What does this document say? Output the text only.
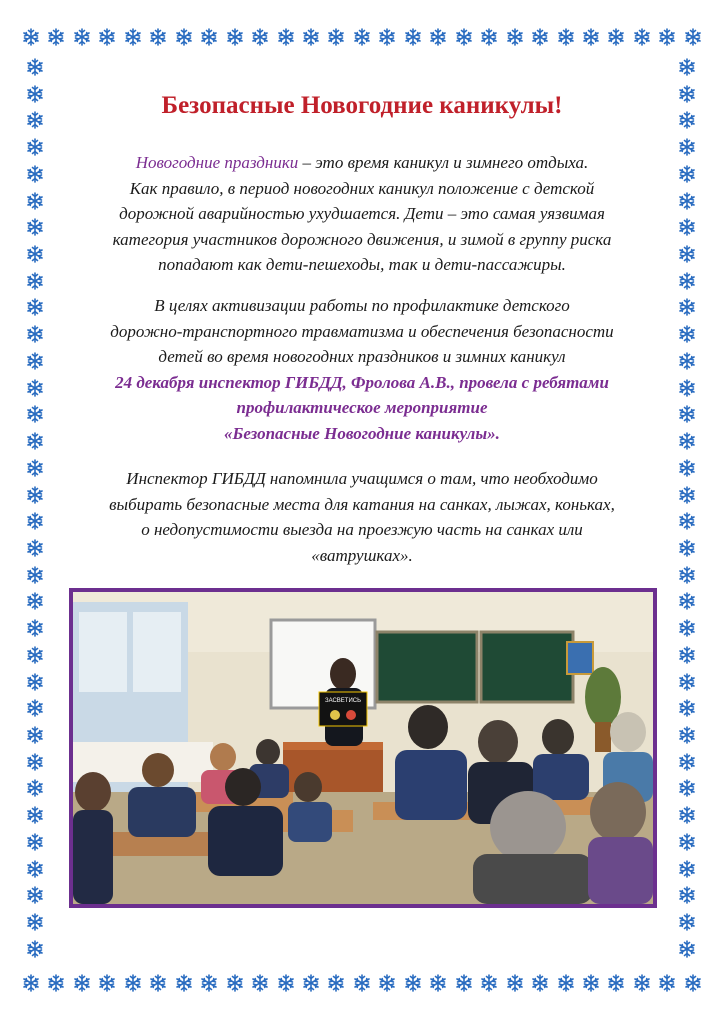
Безопасные Новогодние каникулы!

Новогодние праздники – это время каникул и зимнего отдыха.
Как правило, в период новогодних каникул положение с детской
дорожной аварийностью ухудшается. Дети – это самая уязвимая
категория участников дорожного движения, и зимой в группу риска
попадают как дети-пешеходы, так и дети-пассажиры.

В целях активизации работы по профилактике детского
дорожно-транспортного травматизма и обеспечения безопасности
детей во время новогодних праздников и зимних каникул
24 декабря инспектор ГИБДД, Фролова А.В., провела с ребятами
профилактическое мероприятие
«Безопасные Новогодние каникулы».

Инспектор ГИБДД напомнила учащимся о там, что необходимо
выбирать безопасные места для катания на санках, лыжах, коньках,
о недопустимости выезда на проезжую часть на санках или
«ватрушках».

ЗАСВЕТИСЬ
